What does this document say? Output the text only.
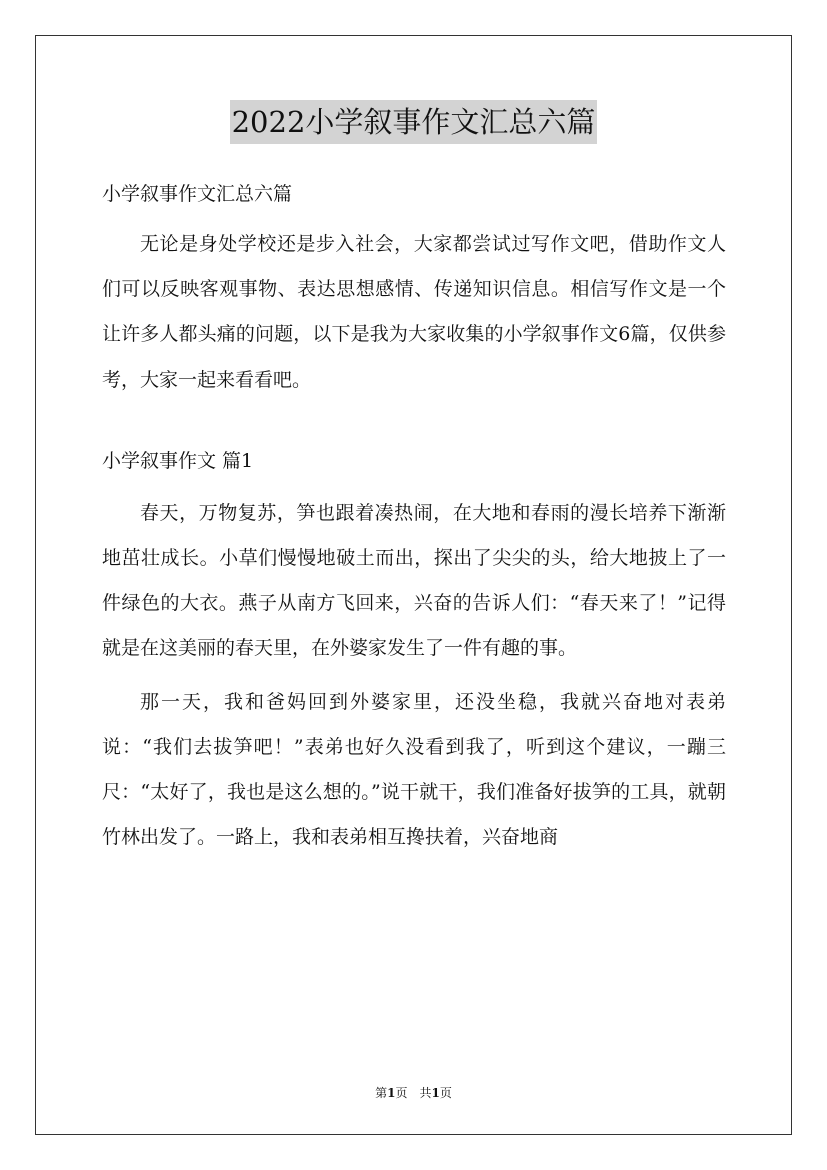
2022小学叙事作文汇总六篇

小学叙事作文汇总六篇

无论是身处学校还是步入社会，大家都尝试过写作文吧，借助作文人们可以反映客观事物、表达思想感情、传递知识信息。相信写作文是一个让许多人都头痛的问题，以下是我为大家收集的小学叙事作文6篇，仅供参考，大家一起来看看吧。

小学叙事作文 篇1

春天，万物复苏，笋也跟着凑热闹，在大地和春雨的漫长培养下渐渐地茁壮成长。小草们慢慢地破土而出，探出了尖尖的头，给大地披上了一件绿色的大衣。燕子从南方飞回来，兴奋的告诉人们：“春天来了！”记得就是在这美丽的春天里，在外婆家发生了一件有趣的事。

那一天，我和爸妈回到外婆家里，还没坐稳，我就兴奋地对表弟说：“我们去拔笋吧！”表弟也好久没看到我了，听到这个建议，一蹦三尺：“太好了，我也是这么想的。”说干就干，我们准备好拔笋的工具，就朝竹林出发了。一路上，我和表弟相互搀扶着，兴奋地商

第1页　共1页
